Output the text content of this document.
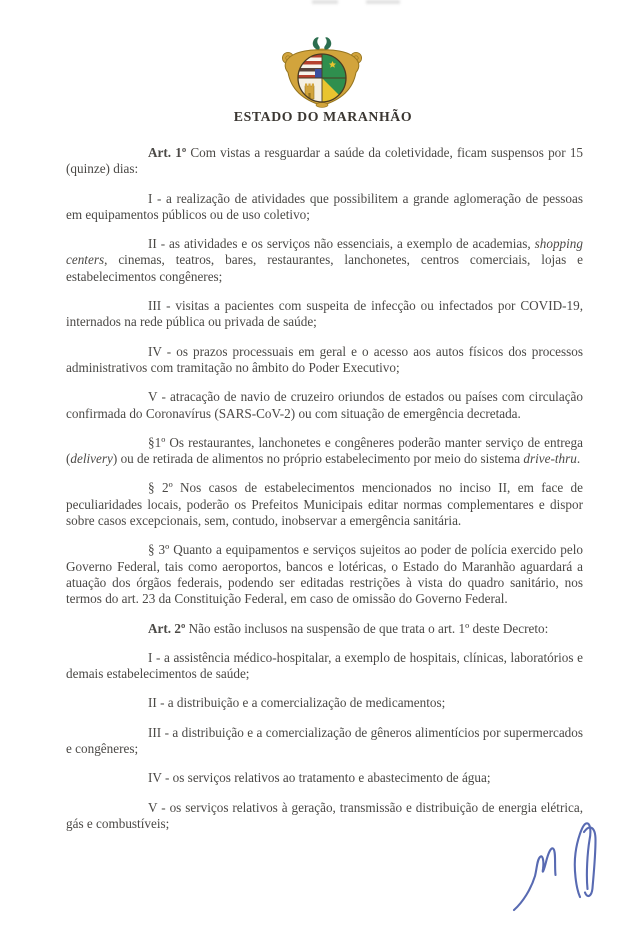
ESTADO DO MARANHÃO

Art. 1º Com vistas a resguardar a saúde da coletividade, ficam suspensos por 15 (quinze) dias:

I - a realização de atividades que possibilitem a grande aglomeração de pessoas em equipamentos públicos ou de uso coletivo;

II - as atividades e os serviços não essenciais, a exemplo de academias, shopping centers, cinemas, teatros, bares, restaurantes, lanchonetes, centros comerciais, lojas e estabelecimentos congêneres;

III - visitas a pacientes com suspeita de infecção ou infectados por COVID-19, internados na rede pública ou privada de saúde;

IV - os prazos processuais em geral e o acesso aos autos físicos dos processos administrativos com tramitação no âmbito do Poder Executivo;

V - atracação de navio de cruzeiro oriundos de estados ou países com circulação confirmada do Coronavírus (SARS-CoV-2) ou com situação de emergência decretada.

§1º Os restaurantes, lanchonetes e congêneres poderão manter serviço de entrega (delivery) ou de retirada de alimentos no próprio estabelecimento por meio do sistema drive-thru.

§ 2º Nos casos de estabelecimentos mencionados no inciso II, em face de peculiaridades locais, poderão os Prefeitos Municipais editar normas complementares e dispor sobre casos excepcionais, sem, contudo, inobservar a emergência sanitária.

§ 3º Quanto a equipamentos e serviços sujeitos ao poder de polícia exercido pelo Governo Federal, tais como aeroportos, bancos e lotéricas, o Estado do Maranhão aguardará a atuação dos órgãos federais, podendo ser editadas restrições à vista do quadro sanitário, nos termos do art. 23 da Constituição Federal, em caso de omissão do Governo Federal.

Art. 2º Não estão inclusos na suspensão de que trata o art. 1º deste Decreto:

I - a assistência médico-hospitalar, a exemplo de hospitais, clínicas, laboratórios e demais estabelecimentos de saúde;

II - a distribuição e a comercialização de medicamentos;

III - a distribuição e a comercialização de gêneros alimentícios por supermercados e congêneres;

IV - os serviços relativos ao tratamento e abastecimento de água;

V - os serviços relativos à geração, transmissão e distribuição de energia elétrica, gás e combustíveis;
